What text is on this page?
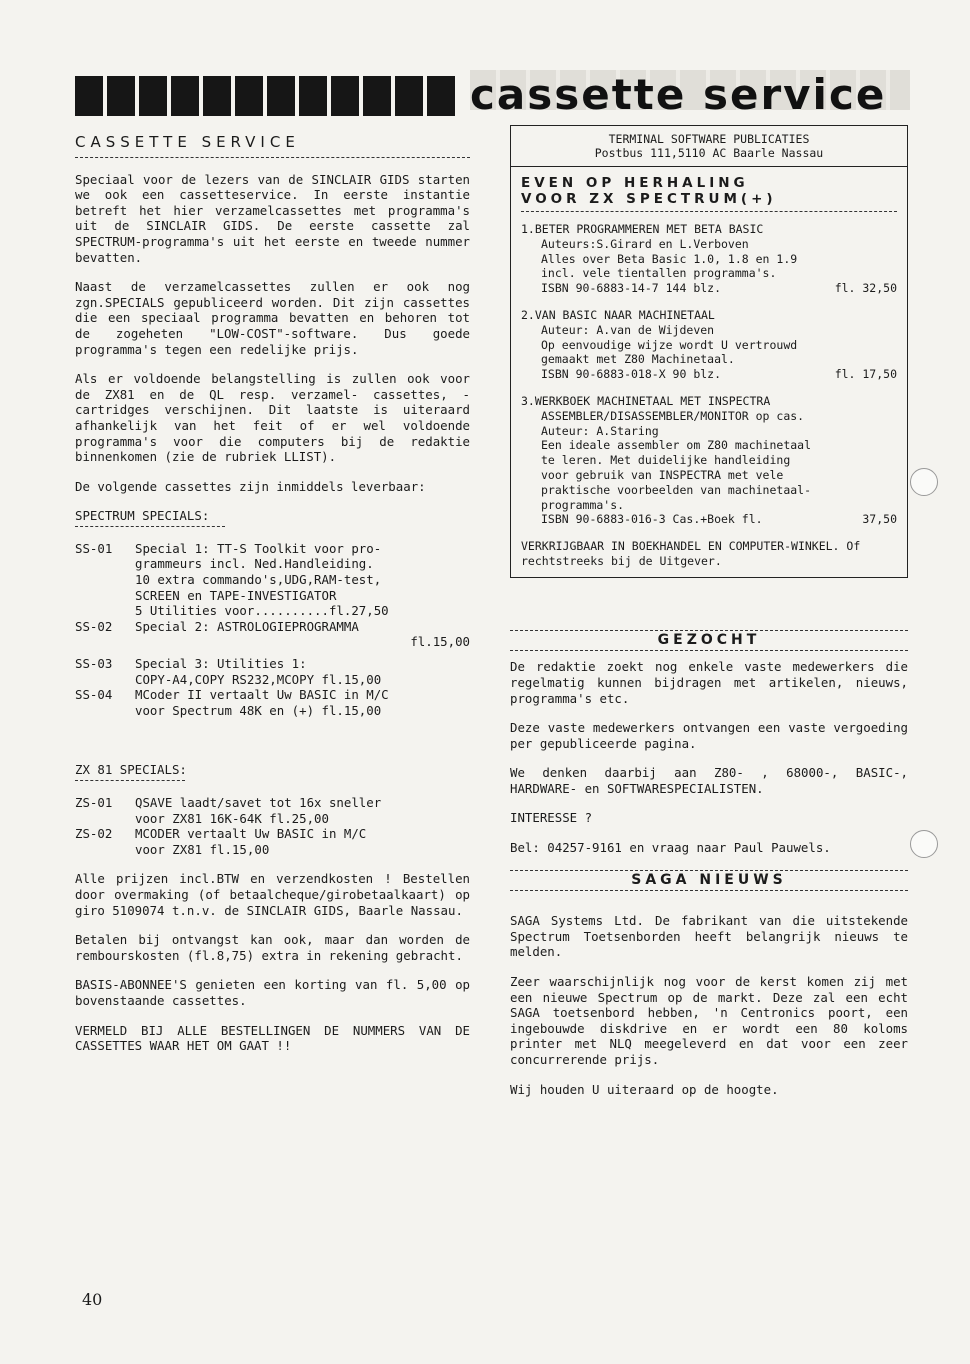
cassette service
CASSETTE SERVICE

Speciaal voor de lezers van de SINCLAIR GIDS starten we ook een cassetteservice. In eerste instantie betreft het hier verzamelcassettes met programma's uit de SINCLAIR GIDS. De eerste cassette zal SPECTRUM-programma's uit het eerste en tweede nummer bevatten.

Naast de verzamelcassettes zullen er ook nog zgn.SPECIALS gepubliceerd worden. Dit zijn cassettes die een speciaal programma bevatten en behoren tot de zogeheten "LOW-COST"-software. Dus goede programma's tegen een redelijke prijs.

Als er voldoende belangstelling is zullen ook voor de ZX81 en de QL resp. verzamel- cassettes, -cartridges verschijnen. Dit laatste is uiteraard afhankelijk van het feit of er wel voldoende programma's voor die computers bij de redaktie binnenkomen (zie de rubriek LLIST).

De volgende cassettes zijn inmiddels leverbaar:

SPECTRUM SPECIALS:
SS-01	Special 1: TT-S Toolkit voor pro-
grammeurs incl. Ned.Handleiding.
10 extra commando's,UDG,RAM-test,
SCREEN en TAPE-INVESTIGATOR
5 Utilities voor..........fl.27,50
SS-02	Special 2: ASTROLOGIEPROGRAMMA
fl.15,00
SS-03	Special 3: Utilities 1:
COPY-A4,COPY RS232,MCOPY fl.15,00
SS-04	MCoder II vertaalt Uw BASIC in M/C
voor Spectrum 48K en (+) fl.15,00
ZX 81 SPECIALS:
ZS-01	QSAVE laadt/savet tot 16x sneller
voor ZX81 16K-64K fl.25,00
ZS-02	MCODER vertaalt Uw BASIC in M/C
voor ZX81 fl.15,00

Alle prijzen incl.BTW en verzendkosten ! Bestellen door overmaking (of betaalcheque/girobetaalkaart) op giro 5109074 t.n.v. de SINCLAIR GIDS, Baarle Nassau.

Betalen bij ontvangst kan ook, maar dan worden de rembourskosten (fl.8,75) extra in rekening gebracht.

BASIS-ABONNEE'S genieten een korting van fl. 5,00 op bovenstaande cassettes.

VERMELD BIJ ALLE BESTELLINGEN DE NUMMERS VAN DE CASSETTES WAAR HET OM GAAT !!

TERMINAL SOFTWARE PUBLICATIES
Postbus 111,5110 AC Baarle Nassau
EVEN OP HERHALING
VOOR ZX SPECTRUM(+)
1.BETER PROGRAMMEREN MET BETA BASIC
Auteurs:S.Girard en L.Verboven
Alles over Beta Basic 1.0, 1.8 en 1.9
incl. vele tientallen programma's.
ISBN 90-6883-14-7 144 blz.	fl. 32,50
2.VAN BASIC NAAR MACHINETAAL
Auteur: A.van de Wijdeven
Op eenvoudige wijze wordt U vertrouwd
gemaakt met Z80 Machinetaal.
ISBN 90-6883-018-X 90 blz.	fl. 17,50
3.WERKBOEK MACHINETAAL MET INSPECTRA
ASSEMBLER/DISASSEMBLER/MONITOR op cas.
Auteur: A.Staring
Een ideale assembler om Z80 machinetaal
te leren. Met duidelijke handleiding
voor gebruik van INSPECTRA met vele
praktische voorbeelden van machinetaal-
programma's.
ISBN 90-6883-016-3 Cas.+Boek fl.	37,50
VERKRIJGBAAR IN BOEKHANDEL EN COMPUTER-WINKEL. Of rechtstreeks bij de Uitgever.
GEZOCHT

De redaktie zoekt nog enkele vaste medewerkers die regelmatig kunnen bijdragen met artikelen, nieuws, programma's etc.

Deze vaste medewerkers ontvangen een vaste vergoeding per gepubliceerde pagina.

We denken daarbij aan Z80- , 68000-, BASIC-, HARDWARE- en SOFTWARESPECIALISTEN.

INTERESSE ?

Bel: 04257-9161 en vraag naar Paul Pauwels.

SAGA NIEUWS

SAGA Systems Ltd. De fabrikant van die uitstekende Spectrum Toetsenborden heeft belangrijk nieuws te melden.

Zeer waarschijnlijk nog voor de kerst komen zij met een nieuwe Spectrum op de markt. Deze zal een echt SAGA toetsenbord hebben, 'n Centronics poort, een ingebouwde diskdrive en er wordt een 80 koloms printer met NLQ meegeleverd en dat voor een zeer concurrerende prijs.

Wij houden U uiteraard op de hoogte.

40
